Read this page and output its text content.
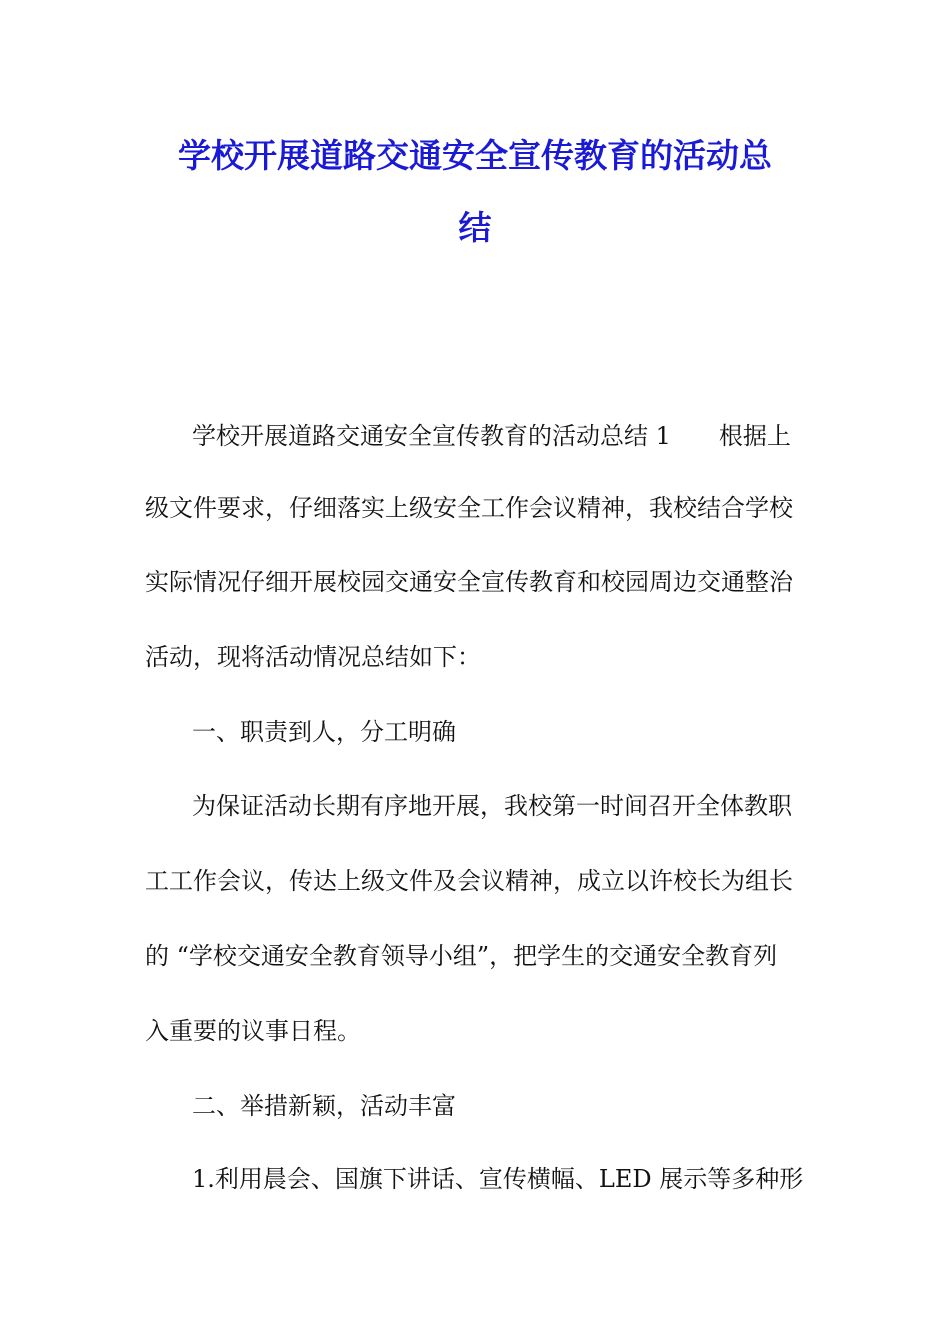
学校开展道路交通安全宣传教育的活动总
结

学校开展道路交通安全宣传教育的活动总结 1 根据上

级文件要求，仔细落实上级安全工作会议精神，我校结合学校

实际情况仔细开展校园交通安全宣传教育和校园周边交通整治

活动，现将活动情况总结如下：

一、职责到人，分工明确

为保证活动长期有序地开展，我校第一时间召开全体教职

工工作会议，传达上级文件及会议精神，成立以许校长为组长

的 “学校交通安全教育领导小组”，把学生的交通安全教育列

入重要的议事日程。

二、举措新颖，活动丰富

1.利用晨会、国旗下讲话、宣传横幅、LED 展示等多种形
